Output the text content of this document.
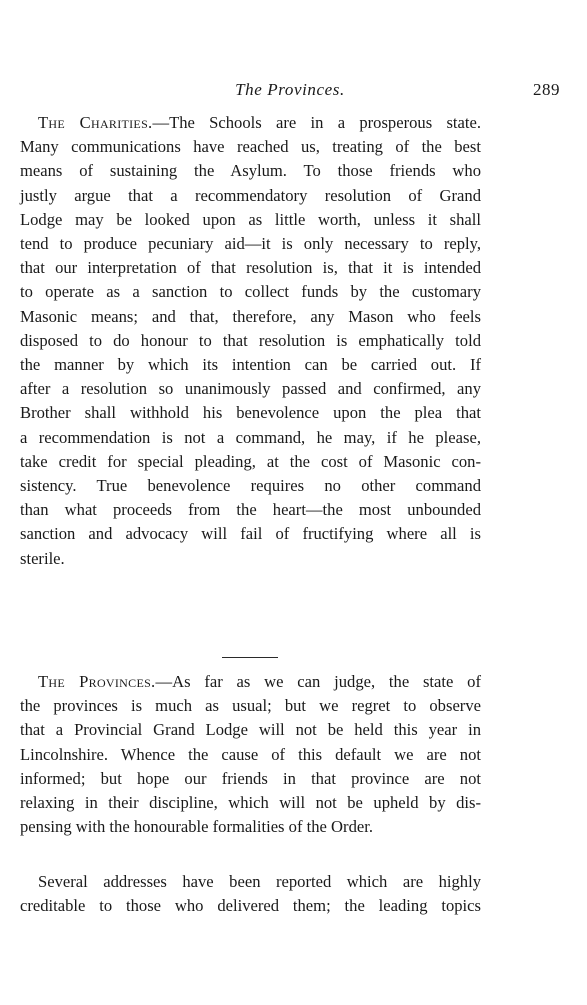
The Provinces.	289
The Charities.—The Schools are in a prosperous state.
Many communications have reached us, treating of the best
means of sustaining the Asylum. To those friends who
justly argue that a recommendatory resolution of Grand
Lodge may be looked upon as little worth, unless it shall
tend to produce pecuniary aid—it is only necessary to reply,
that our interpretation of that resolution is, that it is intended
to operate as a sanction to collect funds by the customary
Masonic means; and that, therefore, any Mason who feels
disposed to do honour to that resolution is emphatically told
the manner by which its intention can be carried out. If
after a resolution so unanimously passed and confirmed, any
Brother shall withhold his benevolence upon the plea that
a recommendation is not a command, he may, if he please,
take credit for special pleading, at the cost of Masonic con-
sistency. True benevolence requires no other command
than what proceeds from the heart—the most unbounded
sanction and advocacy will fail of fructifying where all is
sterile.
The Provinces.—As far as we can judge, the state of
the provinces is much as usual; but we regret to observe
that a Provincial Grand Lodge will not be held this year in
Lincolnshire. Whence the cause of this default we are not
informed; but hope our friends in that province are not
relaxing in their discipline, which will not be upheld by dis-
pensing with the honourable formalities of the Order.
Several addresses have been reported which are highly
creditable to those who delivered them; the leading topics
